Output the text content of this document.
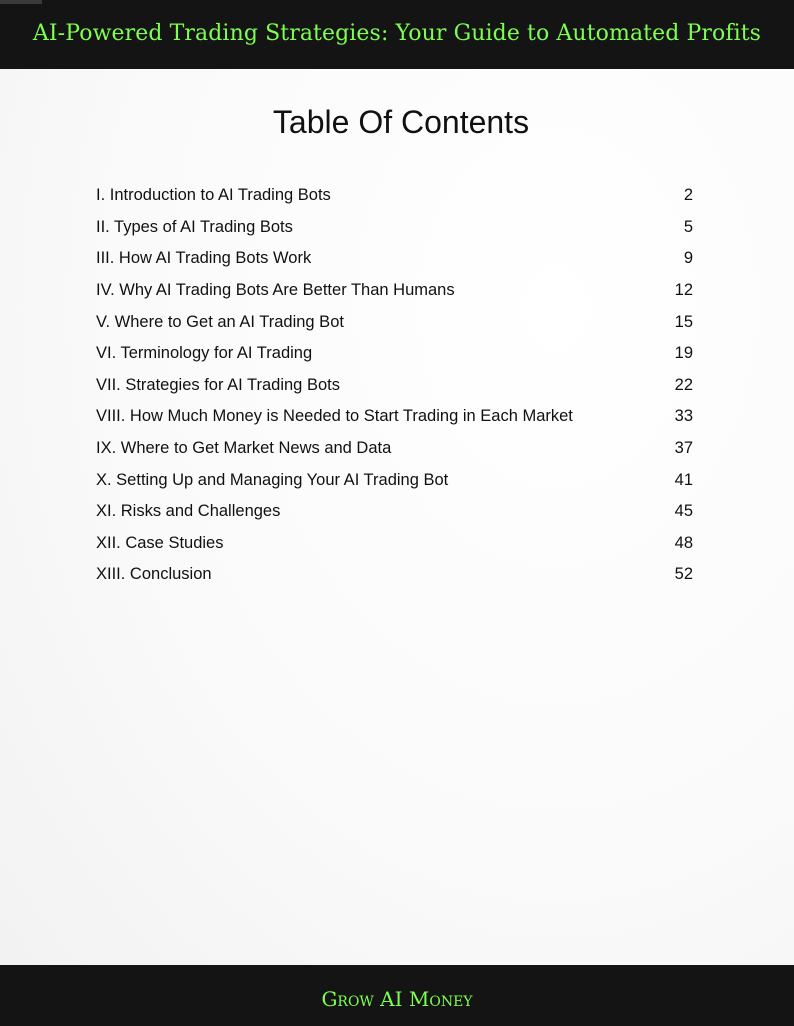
AI-Powered Trading Strategies: Your Guide to Automated Profits
Table Of Contents
I. Introduction to AI Trading Bots	2
II. Types of AI Trading Bots	5
III. How AI Trading Bots Work	9
IV. Why AI Trading Bots Are Better Than Humans	12
V. Where to Get an AI Trading Bot	15
VI. Terminology for AI Trading	19
VII. Strategies for AI Trading Bots	22
VIII. How Much Money is Needed to Start Trading in Each Market	33
IX. Where to Get Market News and Data	37
X. Setting Up and Managing Your AI Trading Bot	41
XI. Risks and Challenges	45
XII. Case Studies	48
XIII. Conclusion	52
Grow AI Money
